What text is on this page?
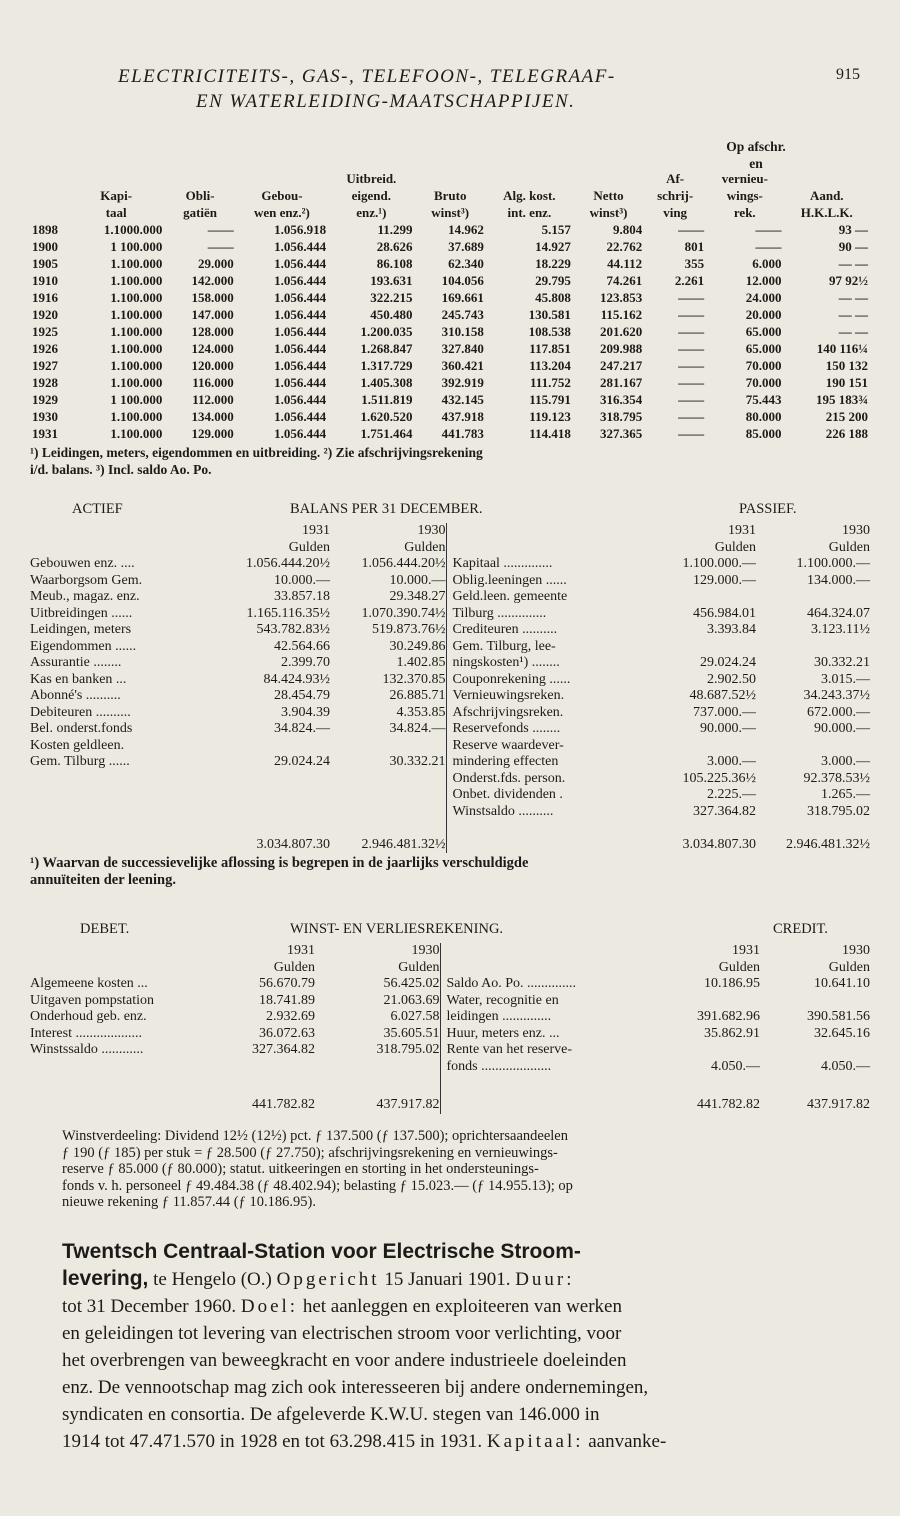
ELECTRICITEITS-, GAS-, TELEFOON-, TELEGRAAF-
EN WATERLEIDING-MAATSCHAPPIJEN.
915
Op afschr.
en
				Uitbreid.				Af-	vernieu-	
	Kapi-	Obli-	Gebou-	eigend.	Bruto	Alg. kost.	Netto	schrij-	wings-	Aand.
	taal	gatiën	wen enz.²)	enz.¹)	winst³)	int. enz.	winst³)	ving	rek.	H.K.L.K.
1898	1.1000.000	——	1.056.918	11.299	14.962	5.157	9.804	——	——	93 —
1900	1 100.000	——	1.056.444	28.626	37.689	14.927	22.762	801	——	90 —
1905	1.100.000	29.000	1.056.444	86.108	62.340	18.229	44.112	355	6.000	— —
1910	1.100.000	142.000	1.056.444	193.631	104.056	29.795	74.261	2.261	12.000	97 92½
1916	1.100.000	158.000	1.056.444	322.215	169.661	45.808	123.853	——	24.000	— —
1920	1.100.000	147.000	1.056.444	450.480	245.743	130.581	115.162	——	20.000	— —
1925	1.100.000	128.000	1.056.444	1.200.035	310.158	108.538	201.620	——	65.000	— —
1926	1.100.000	124.000	1.056.444	1.268.847	327.840	117.851	209.988	——	65.000	140 116¼
1927	1.100.000	120.000	1.056.444	1.317.729	360.421	113.204	247.217	——	70.000	150 132
1928	1.100.000	116.000	1.056.444	1.405.308	392.919	111.752	281.167	——	70.000	190 151
1929	1 100.000	112.000	1.056.444	1.511.819	432.145	115.791	316.354	——	75.443	195 183¾
1930	1.100.000	134.000	1.056.444	1.620.520	437.918	119.123	318.795	——	80.000	215 200
1931	1.100.000	129.000	1.056.444	1.751.464	441.783	114.418	327.365	——	85.000	226 188
¹) Leidingen, meters, eigendommen en uitbreiding. ²) Zie afschrijvingsrekening
i/d. balans. ³) Incl. saldo Ao. Po.
ACTIEF	BALANS PER 31 DECEMBER.	PASSIEF.
	1931	1930		1931	1930
	Gulden	Gulden		Gulden	Gulden
Gebouwen enz. ....	1.056.444.20½	1.056.444.20½	Kapitaal ..............	1.100.000.—	1.100.000.—
Waarborgsom Gem.	10.000.—	10.000.—	Oblig.leeningen ......	129.000.—	134.000.—
Meub., magaz. enz.	33.857.18	29.348.27	Geld.leen. gemeente		
Uitbreidingen ......	1.165.116.35½	1.070.390.74½	Tilburg ..............	456.984.01	464.324.07
Leidingen, meters	543.782.83½	519.873.76½	Crediteuren ..........	3.393.84	3.123.11½
Eigendommen ......	42.564.66	30.249.86	Gem. Tilburg, lee-		
Assurantie ........	2.399.70	1.402.85	ningskosten¹) ........	29.024.24	30.332.21
Kas en banken ...	84.424.93½	132.370.85	Couponrekening ......	2.902.50	3.015.—
Abonné's ..........	28.454.79	26.885.71	Vernieuwingsreken.	48.687.52½	34.243.37½
Debiteuren ..........	3.904.39	4.353.85	Afschrijvingsreken.	737.000.—	672.000.—
Bel. onderst.fonds	34.824.—	34.824.—	Reservefonds ........	90.000.—	90.000.—
Kosten geldleen.			Reserve waardever-		
Gem. Tilburg ......	29.024.24	30.332.21	mindering effecten	3.000.—	3.000.—
			Onderst.fds. person.	105.225.36½	92.378.53½
			Onbet. dividenden .	2.225.—	1.265.—
			Winstsaldo ..........	327.364.82	318.795.02

	3.034.807.30	2.946.481.32½		3.034.807.30	2.946.481.32½
¹) Waarvan de successievelijke aflossing is begrepen in de jaarlijks verschuldigde
annuïteiten der leening.
DEBET.	WINST- EN VERLIESREKENING.	CREDIT.
	1931	1930		1931	1930
	Gulden	Gulden		Gulden	Gulden
Algemeene kosten ...	56.670.79	56.425.02	Saldo Ao. Po. ..............	10.186.95	10.641.10
Uitgaven pompstation	18.741.89	21.063.69	Water, recognitie en		
Onderhoud geb. enz.	2.932.69	6.027.58	leidingen ..............	391.682.96	390.581.56
Interest ...................	36.072.63	35.605.51	Huur, meters enz. ...	35.862.91	32.645.16
Winstssaldo ............	327.364.82	318.795.02	Rente van het reserve-		
			fonds ....................	4.050.—	4.050.—

	441.782.82	437.917.82		441.782.82	437.917.82
Winstverdeeling: Dividend 12½ (12½) pct. ƒ 137.500 (ƒ 137.500); oprichtersaandeelen
ƒ 190 (ƒ 185) per stuk = ƒ 28.500 (ƒ 27.750); afschrijvingsrekening en vernieuwings-
reserve ƒ 85.000 (ƒ 80.000); statut. uitkeeringen en storting in het ondersteunings-
fonds v. h. personeel ƒ 49.484.38 (ƒ 48.402.94); belasting ƒ 15.023.— (ƒ 14.955.13); op
nieuwe rekening ƒ 11.857.44 (ƒ 10.186.95).
Twentsch Centraal-Station voor Electrische Stroom-
levering, te Hengelo (O.) Opgericht 15 Januari 1901. Duur:
tot 31 December 1960. Doel: het aanleggen en exploiteeren van werken
en geleidingen tot levering van electrischen stroom voor verlichting, voor
het overbrengen van beweegkracht en voor andere industrieele doeleinden
enz. De vennootschap mag zich ook interesseeren bij andere ondernemingen,
syndicaten en consortia. De afgeleverde K.W.U. stegen van 146.000 in
1914 tot 47.471.570 in 1928 en tot 63.298.415 in 1931. Kapitaal: aanvanke-
